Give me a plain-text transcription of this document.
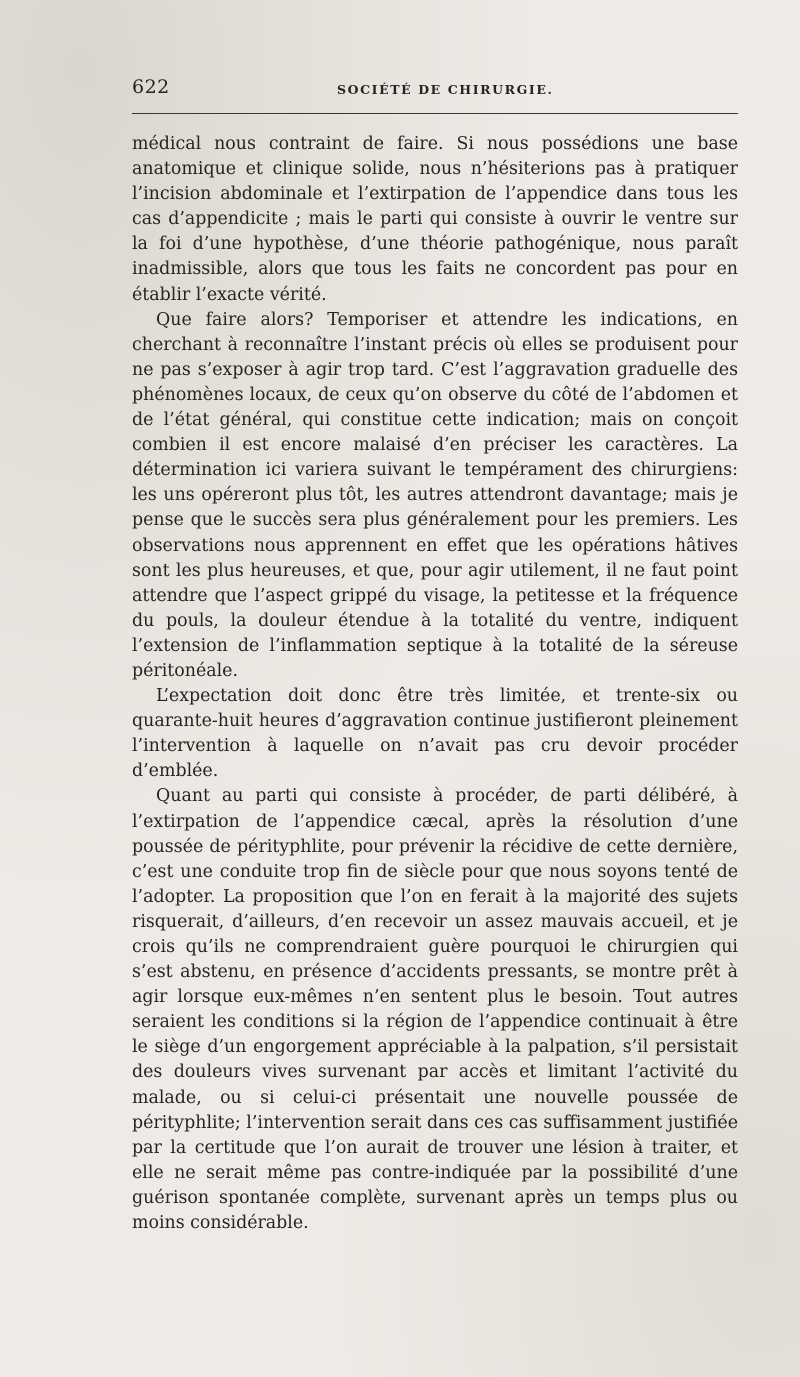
622	SOCIÉTÉ DE CHIRURGIE.

médical nous contraint de faire. Si nous possédions une base anatomique et clinique solide, nous n’hésiterions pas à pratiquer l’incision abdominale et l’extirpation de l’appendice dans tous les cas d’appendicite ; mais le parti qui consiste à ouvrir le ventre sur la foi d’une hypothèse, d’une théorie pathogénique, nous paraît inadmissible, alors que tous les faits ne concordent pas pour en établir l’exacte vérité.

Que faire alors? Temporiser et attendre les indications, en cherchant à reconnaître l’instant précis où elles se produisent pour ne pas s’exposer à agir trop tard. C’est l’aggravation graduelle des phénomènes locaux, de ceux qu’on observe du côté de l’abdomen et de l’état général, qui constitue cette indication; mais on conçoit combien il est encore malaisé d’en préciser les caractères. La détermination ici variera suivant le tempérament des chirurgiens: les uns opéreront plus tôt, les autres attendront davantage; mais je pense que le succès sera plus généralement pour les premiers. Les observations nous apprennent en effet que les opérations hâtives sont les plus heureuses, et que, pour agir utilement, il ne faut point attendre que l’aspect grippé du visage, la petitesse et la fréquence du pouls, la douleur étendue à la totalité du ventre, indiquent l’extension de l’inflammation septique à la totalité de la séreuse péritonéale.

L’expectation doit donc être très limitée, et trente-six ou quarante-huit heures d’aggravation continue justifieront pleinement l’intervention à laquelle on n’avait pas cru devoir procéder d’emblée.

Quant au parti qui consiste à procéder, de parti délibéré, à l’extirpation de l’appendice cæcal, après la résolution d’une poussée de pérityphlite, pour prévenir la récidive de cette dernière, c’est une conduite trop fin de siècle pour que nous soyons tenté de l’adopter. La proposition que l’on en ferait à la majorité des sujets risquerait, d’ailleurs, d’en recevoir un assez mauvais accueil, et je crois qu’ils ne comprendraient guère pourquoi le chirurgien qui s’est abstenu, en présence d’accidents pressants, se montre prêt à agir lorsque eux-mêmes n’en sentent plus le besoin. Tout autres seraient les conditions si la région de l’appendice continuait à être le siège d’un engorgement appréciable à la palpation, s’il persistait des douleurs vives survenant par accès et limitant l’activité du malade, ou si celui-ci présentait une nouvelle poussée de pérityphlite; l’intervention serait dans ces cas suffisamment justifiée par la certitude que l’on aurait de trouver une lésion à traiter, et elle ne serait même pas contre-indiquée par la possibilité d’une guérison spontanée complète, survenant après un temps plus ou moins considérable.
